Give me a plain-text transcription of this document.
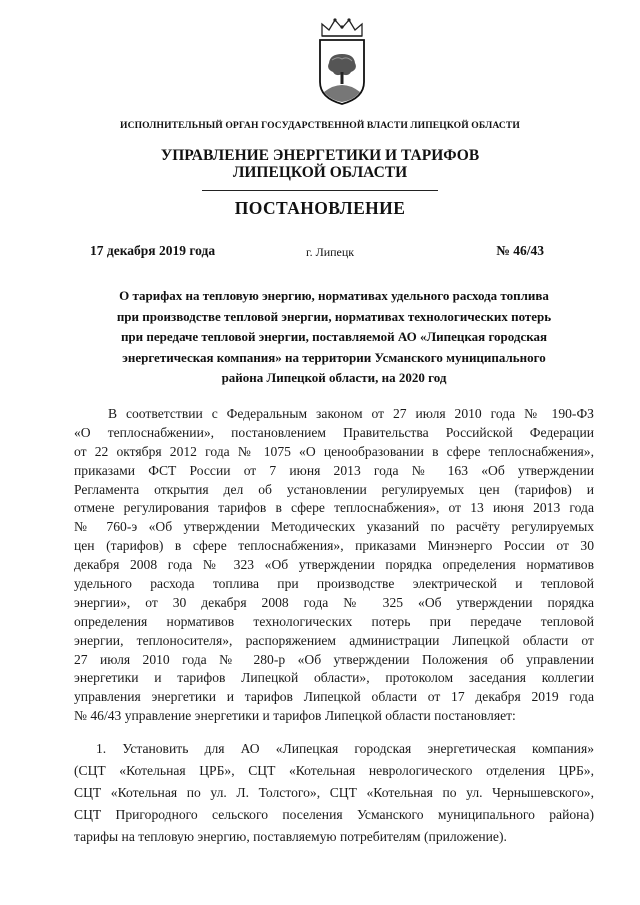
ИСПОЛНИТЕЛЬНЫЙ ОРГАН ГОСУДАРСТВЕННОЙ ВЛАСТИ ЛИПЕЦКОЙ ОБЛАСТИ
УПРАВЛЕНИЕ ЭНЕРГЕТИКИ И ТАРИФОВ
ЛИПЕЦКОЙ ОБЛАСТИ
ПОСТАНОВЛЕНИЕ
17 декабря 2019 года	г. Липецк	№ 46/43
О тарифах на тепловую энергию, нормативах удельного расхода топлива
при производстве тепловой энергии, нормативах технологических потерь
при передаче тепловой энергии, поставляемой АО «Липецкая городская
энергетическая компания» на территории Усманского муниципального
района Липецкой области, на 2020 год
В соответствии с Федеральным законом от 27 июля 2010 года № 190-ФЗ
«О теплоснабжении», постановлением Правительства Российской Федерации
от 22 октября 2012 года № 1075 «О ценообразовании в сфере теплоснабжения»,
приказами ФСТ России от 7 июня 2013 года № 163 «Об утверждении
Регламента открытия дел об установлении регулируемых цен (тарифов) и
отмене регулирования тарифов в сфере теплоснабжения», от 13 июня 2013 года
№ 760-э «Об утверждении Методических указаний по расчёту регулируемых
цен (тарифов) в сфере теплоснабжения», приказами Минэнерго России от 30
декабря 2008 года № 323 «Об утверждении порядка определения нормативов
удельного расхода топлива при производстве электрической и тепловой
энергии», от 30 декабря 2008 года № 325 «Об утверждении порядка
определения нормативов технологических потерь при передаче тепловой
энергии, теплоносителя», распоряжением администрации Липецкой области от
27 июля 2010 года № 280-р «Об утверждении Положения об управлении
энергетики и тарифов Липецкой области», протоколом заседания коллегии
управления энергетики и тарифов Липецкой области от 17 декабря 2019 года
№ 46/43 управление энергетики и тарифов Липецкой области постановляет:
1. Установить для АО «Липецкая городская энергетическая компания»
(СЦТ «Котельная ЦРБ», СЦТ «Котельная неврологического отделения ЦРБ»,
СЦТ «Котельная по ул. Л. Толстого», СЦТ «Котельная по ул. Чернышевского»,
СЦТ Пригородного сельского поселения Усманского муниципального района)
тарифы на тепловую энергию, поставляемую потребителям (приложение).
